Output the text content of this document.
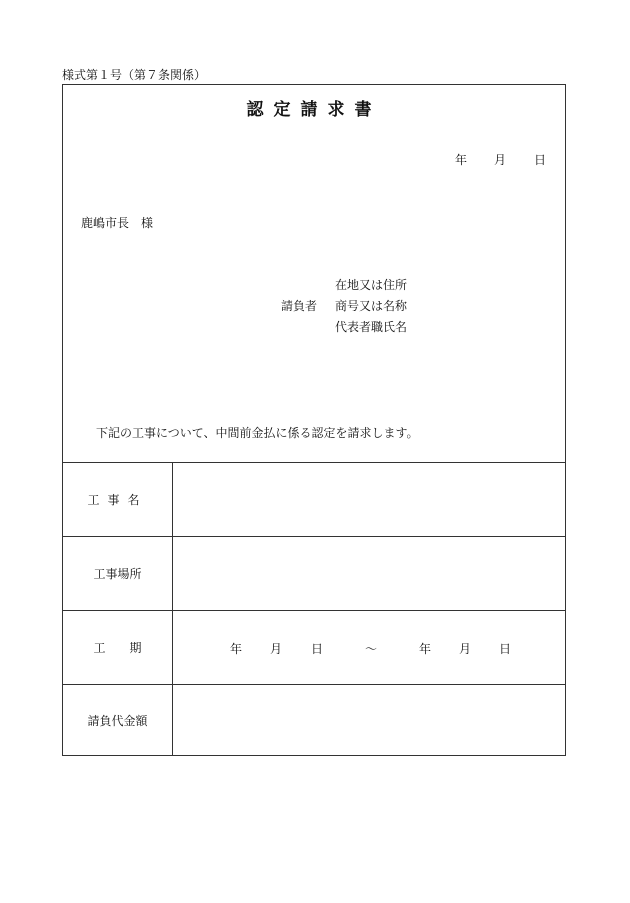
様式第１号（第７条関係）
認定請求書
年 月 日
鹿嶋市長　様
在地又は住所
請負者 商号又は名称
代表者職氏名
下記の工事について、中間前金払に係る認定を請求します。
工事名
工事場所
工　　期	年 月 日	～	年 月 日
請負代金額
